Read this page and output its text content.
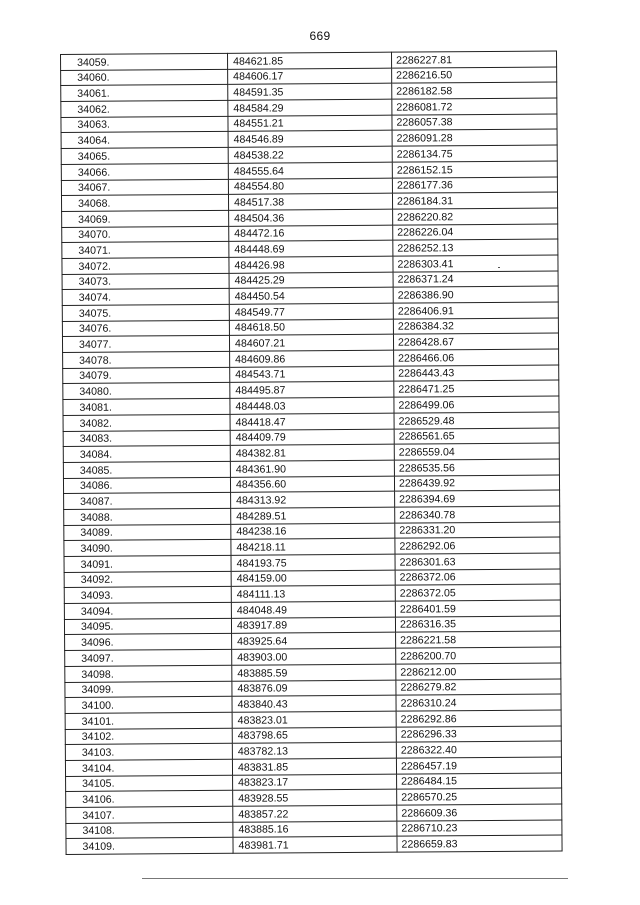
669
34059.	484621.85	2286227.81
34060.	484606.17	2286216.50
34061.	484591.35	2286182.58
34062.	484584.29	2286081.72
34063.	484551.21	2286057.38
34064.	484546.89	2286091.28
34065.	484538.22	2286134.75
34066.	484555.64	2286152.15
34067.	484554.80	2286177.36
34068.	484517.38	2286184.31
34069.	484504.36	2286220.82
34070.	484472.16	2286226.04
34071.	484448.69	2286252.13
34072.	484426.98	2286303.41
34073.	484425.29	2286371.24
34074.	484450.54	2286386.90
34075.	484549.77	2286406.91
34076.	484618.50	2286384.32
34077.	484607.21	2286428.67
34078.	484609.86	2286466.06
34079.	484543.71	2286443.43
34080.	484495.87	2286471.25
34081.	484448.03	2286499.06
34082.	484418.47	2286529.48
34083.	484409.79	2286561.65
34084.	484382.81	2286559.04
34085.	484361.90	2286535.56
34086.	484356.60	2286439.92
34087.	484313.92	2286394.69
34088.	484289.51	2286340.78
34089.	484238.16	2286331.20
34090.	484218.11	2286292.06
34091.	484193.75	2286301.63
34092.	484159.00	2286372.06
34093.	484111.13	2286372.05
34094.	484048.49	2286401.59
34095.	483917.89	2286316.35
34096.	483925.64	2286221.58
34097.	483903.00	2286200.70
34098.	483885.59	2286212.00
34099.	483876.09	2286279.82
34100.	483840.43	2286310.24
34101.	483823.01	2286292.86
34102.	483798.65	2286296.33
34103.	483782.13	2286322.40
34104.	483831.85	2286457.19
34105.	483823.17	2286484.15
34106.	483928.55	2286570.25
34107.	483857.22	2286609.36
34108.	483885.16	2286710.23
34109.	483981.71	2286659.83
